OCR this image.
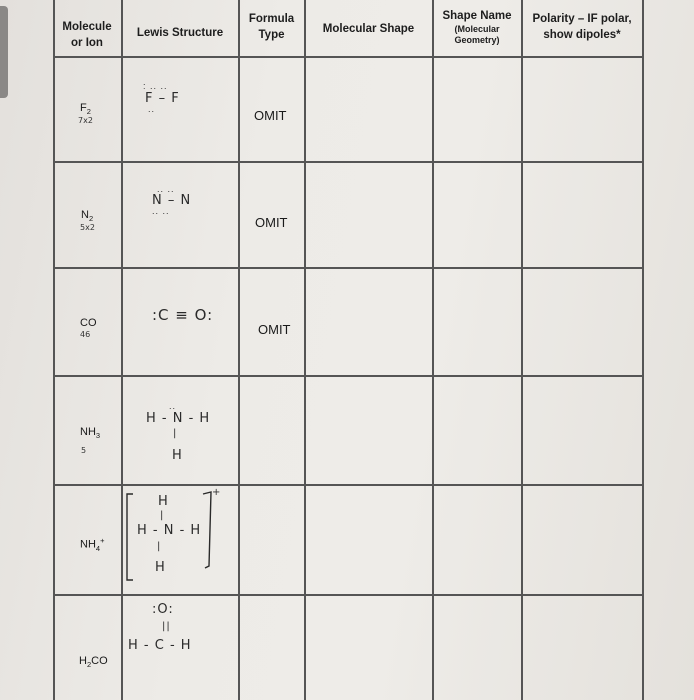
Molecule
or Ion
Lewis Structure
Formula
Type	Molecular Shape
Shape Name
(Molecular
Geometry)
Polarity – IF polar,
show dipoles*
$F_2$
7x2
: .. ..
F – F
..	OMIT
$N_2$
5x2
.. ..
N – N
.. ..
OMIT
CO
46
:C ≡ O:
OMIT
$NH_3$
5
..
H - N - H
|
H
$NH_4^+$
H
|
H - N - H
|
H
+
$H_2CO$
:O:
||
H - C - H
